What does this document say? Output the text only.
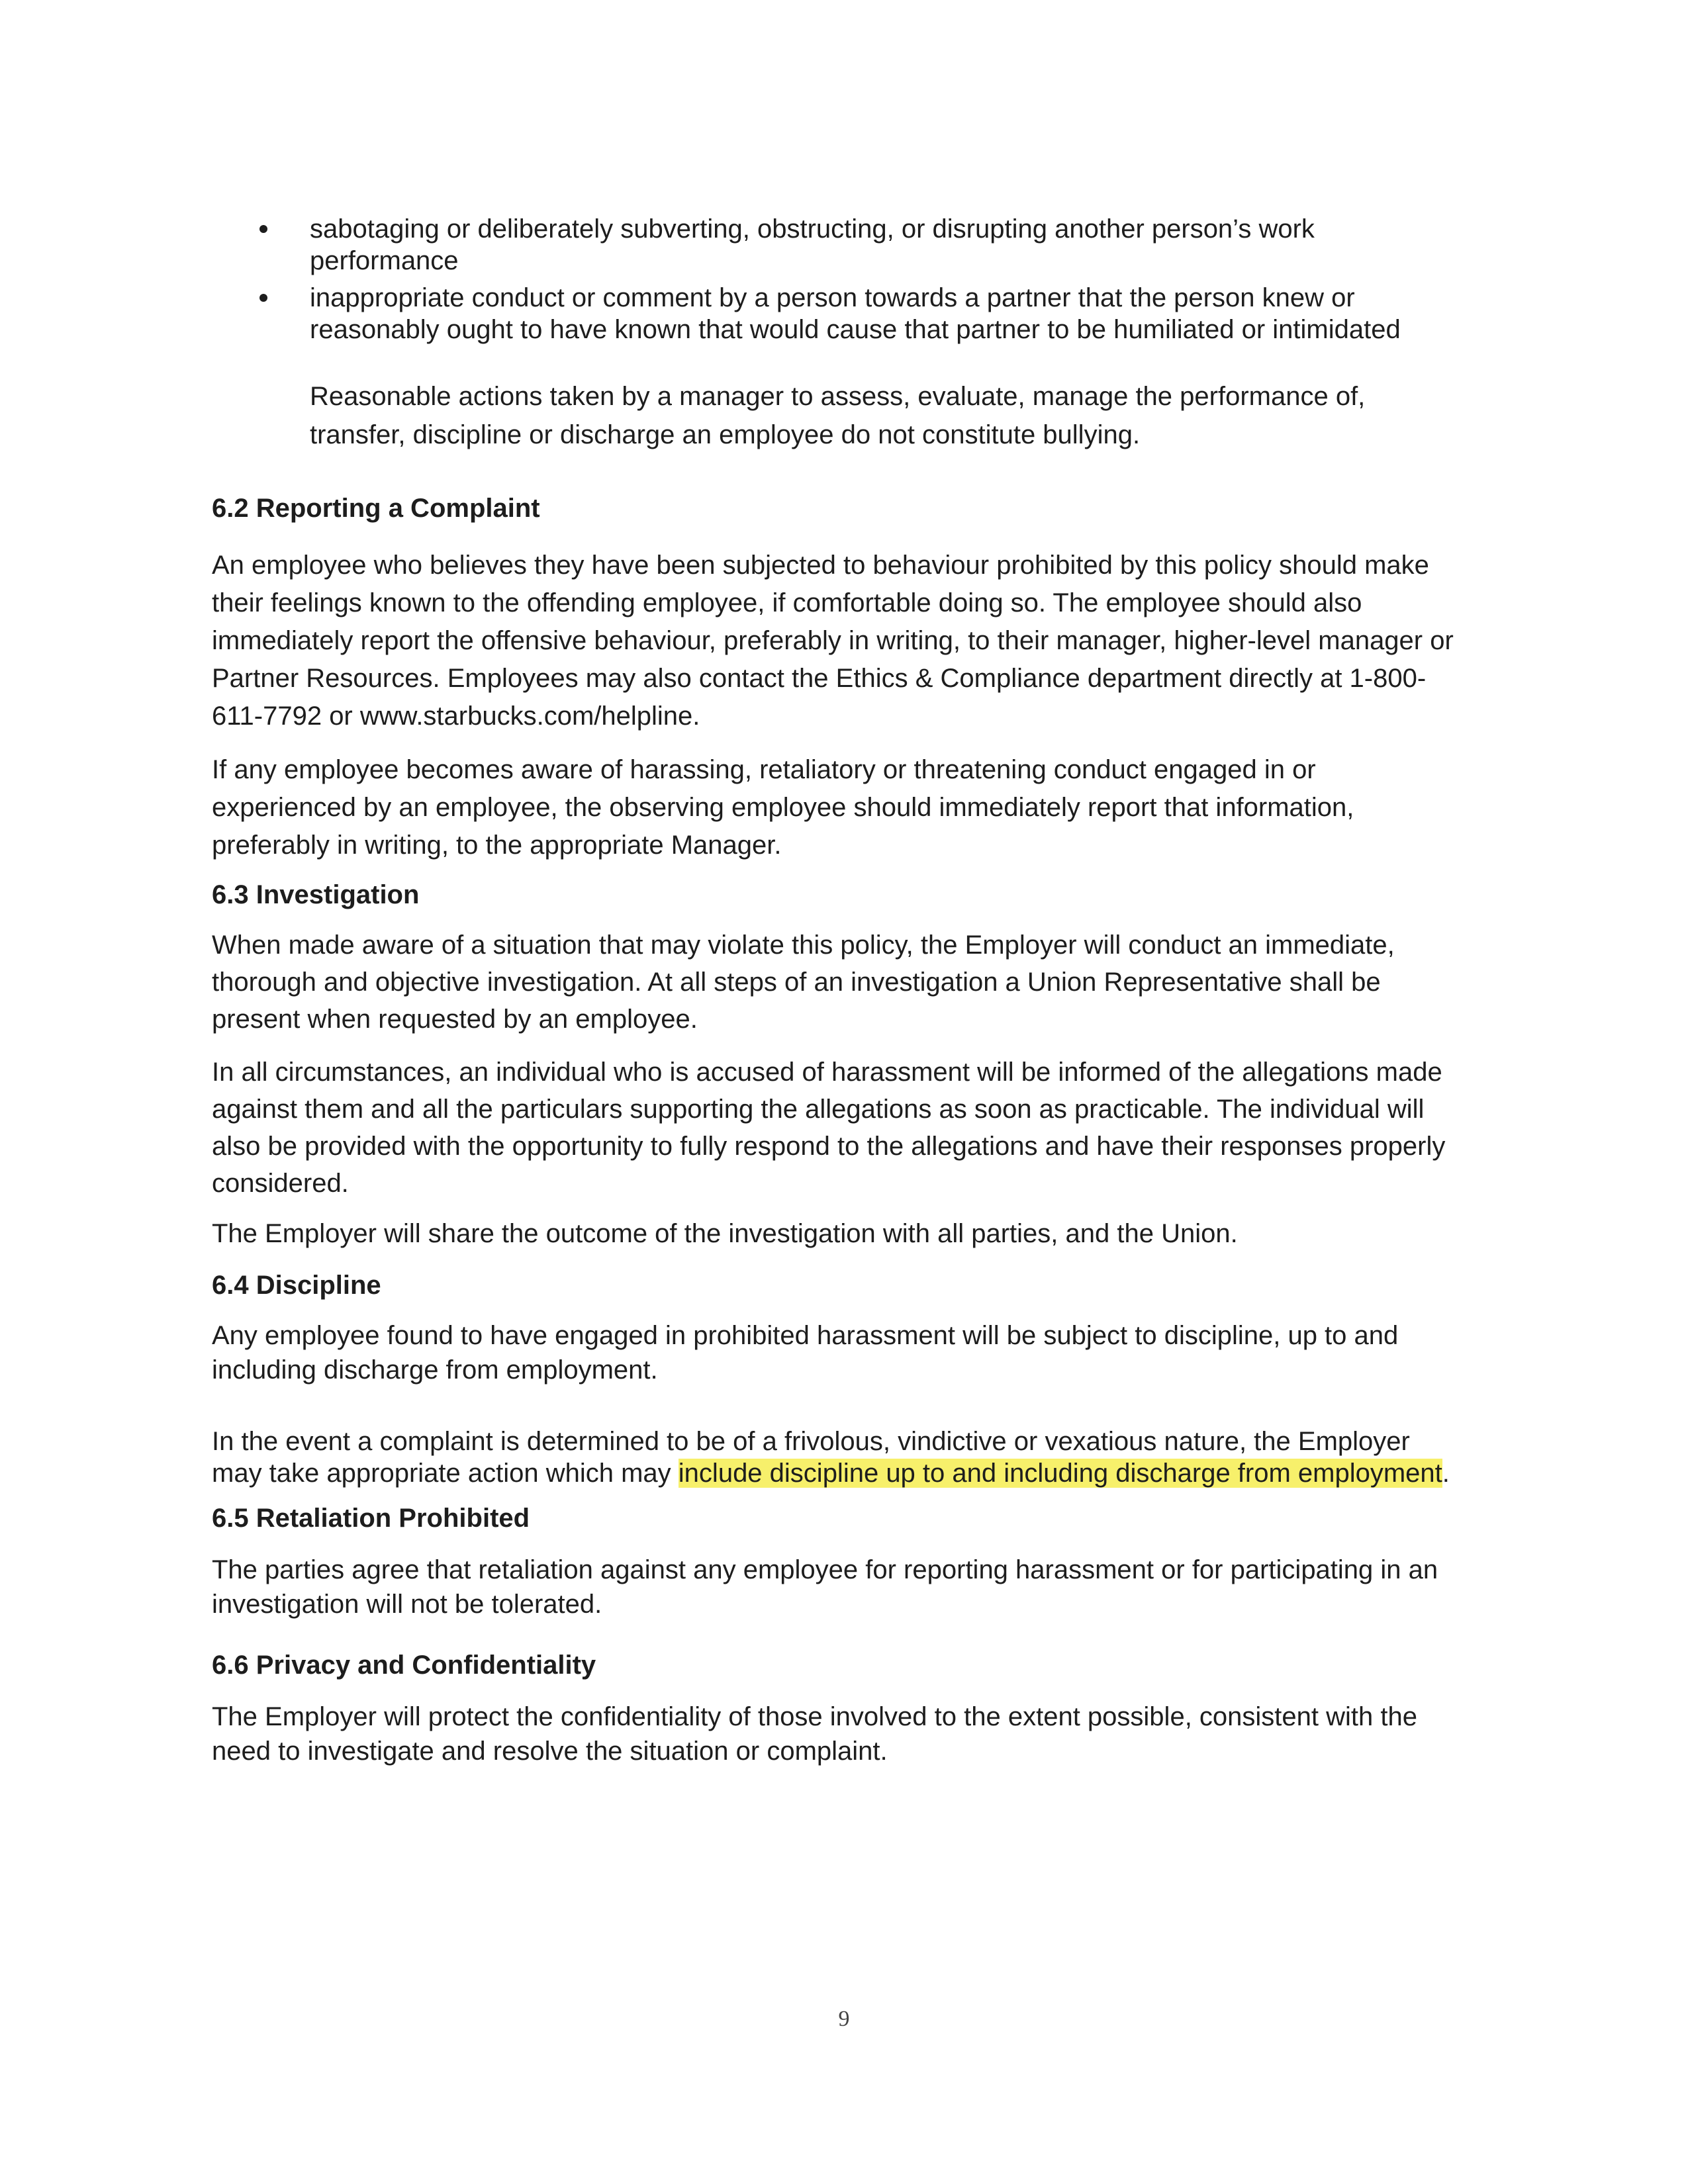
sabotaging or deliberately subverting, obstructing, or disrupting another person’s work performance
inappropriate conduct or comment by a person towards a partner that the person knew or reasonably ought to have known that would cause that partner to be humiliated or intimidated

Reasonable actions taken by a manager to assess, evaluate, manage the performance of, transfer, discipline or discharge an employee do not constitute bullying.

6.2 Reporting a Complaint

An employee who believes they have been subjected to behaviour prohibited by this policy should make their feelings known to the offending employee, if comfortable doing so. The employee should also immediately report the offensive behaviour, preferably in writing, to their manager, higher-level manager or Partner Resources. Employees may also contact the Ethics & Compliance department directly at 1-800-611-7792 or www.starbucks.com/helpline.

If any employee becomes aware of harassing, retaliatory or threatening conduct engaged in or experienced by an employee, the observing employee should immediately report that information, preferably in writing, to the appropriate Manager.

6.3 Investigation

When made aware of a situation that may violate this policy, the Employer will conduct an immediate, thorough and objective investigation. At all steps of an investigation a Union Representative shall be present when requested by an employee.

In all circumstances, an individual who is accused of harassment will be informed of the allegations made against them and all the particulars supporting the allegations as soon as practicable. The individual will also be provided with the opportunity to fully respond to the allegations and have their responses properly considered.

The Employer will share the outcome of the investigation with all parties, and the Union.

6.4 Discipline

Any employee found to have engaged in prohibited harassment will be subject to discipline, up to and including discharge from employment.

In the event a complaint is determined to be of a frivolous, vindictive or vexatious nature, the Employer may take appropriate action which may include discipline up to and including discharge from employment.

6.5 Retaliation Prohibited

The parties agree that retaliation against any employee for reporting harassment or for participating in an investigation will not be tolerated.

6.6 Privacy and Confidentiality

The Employer will protect the confidentiality of those involved to the extent possible, consistent with the need to investigate and resolve the situation or complaint.

9
